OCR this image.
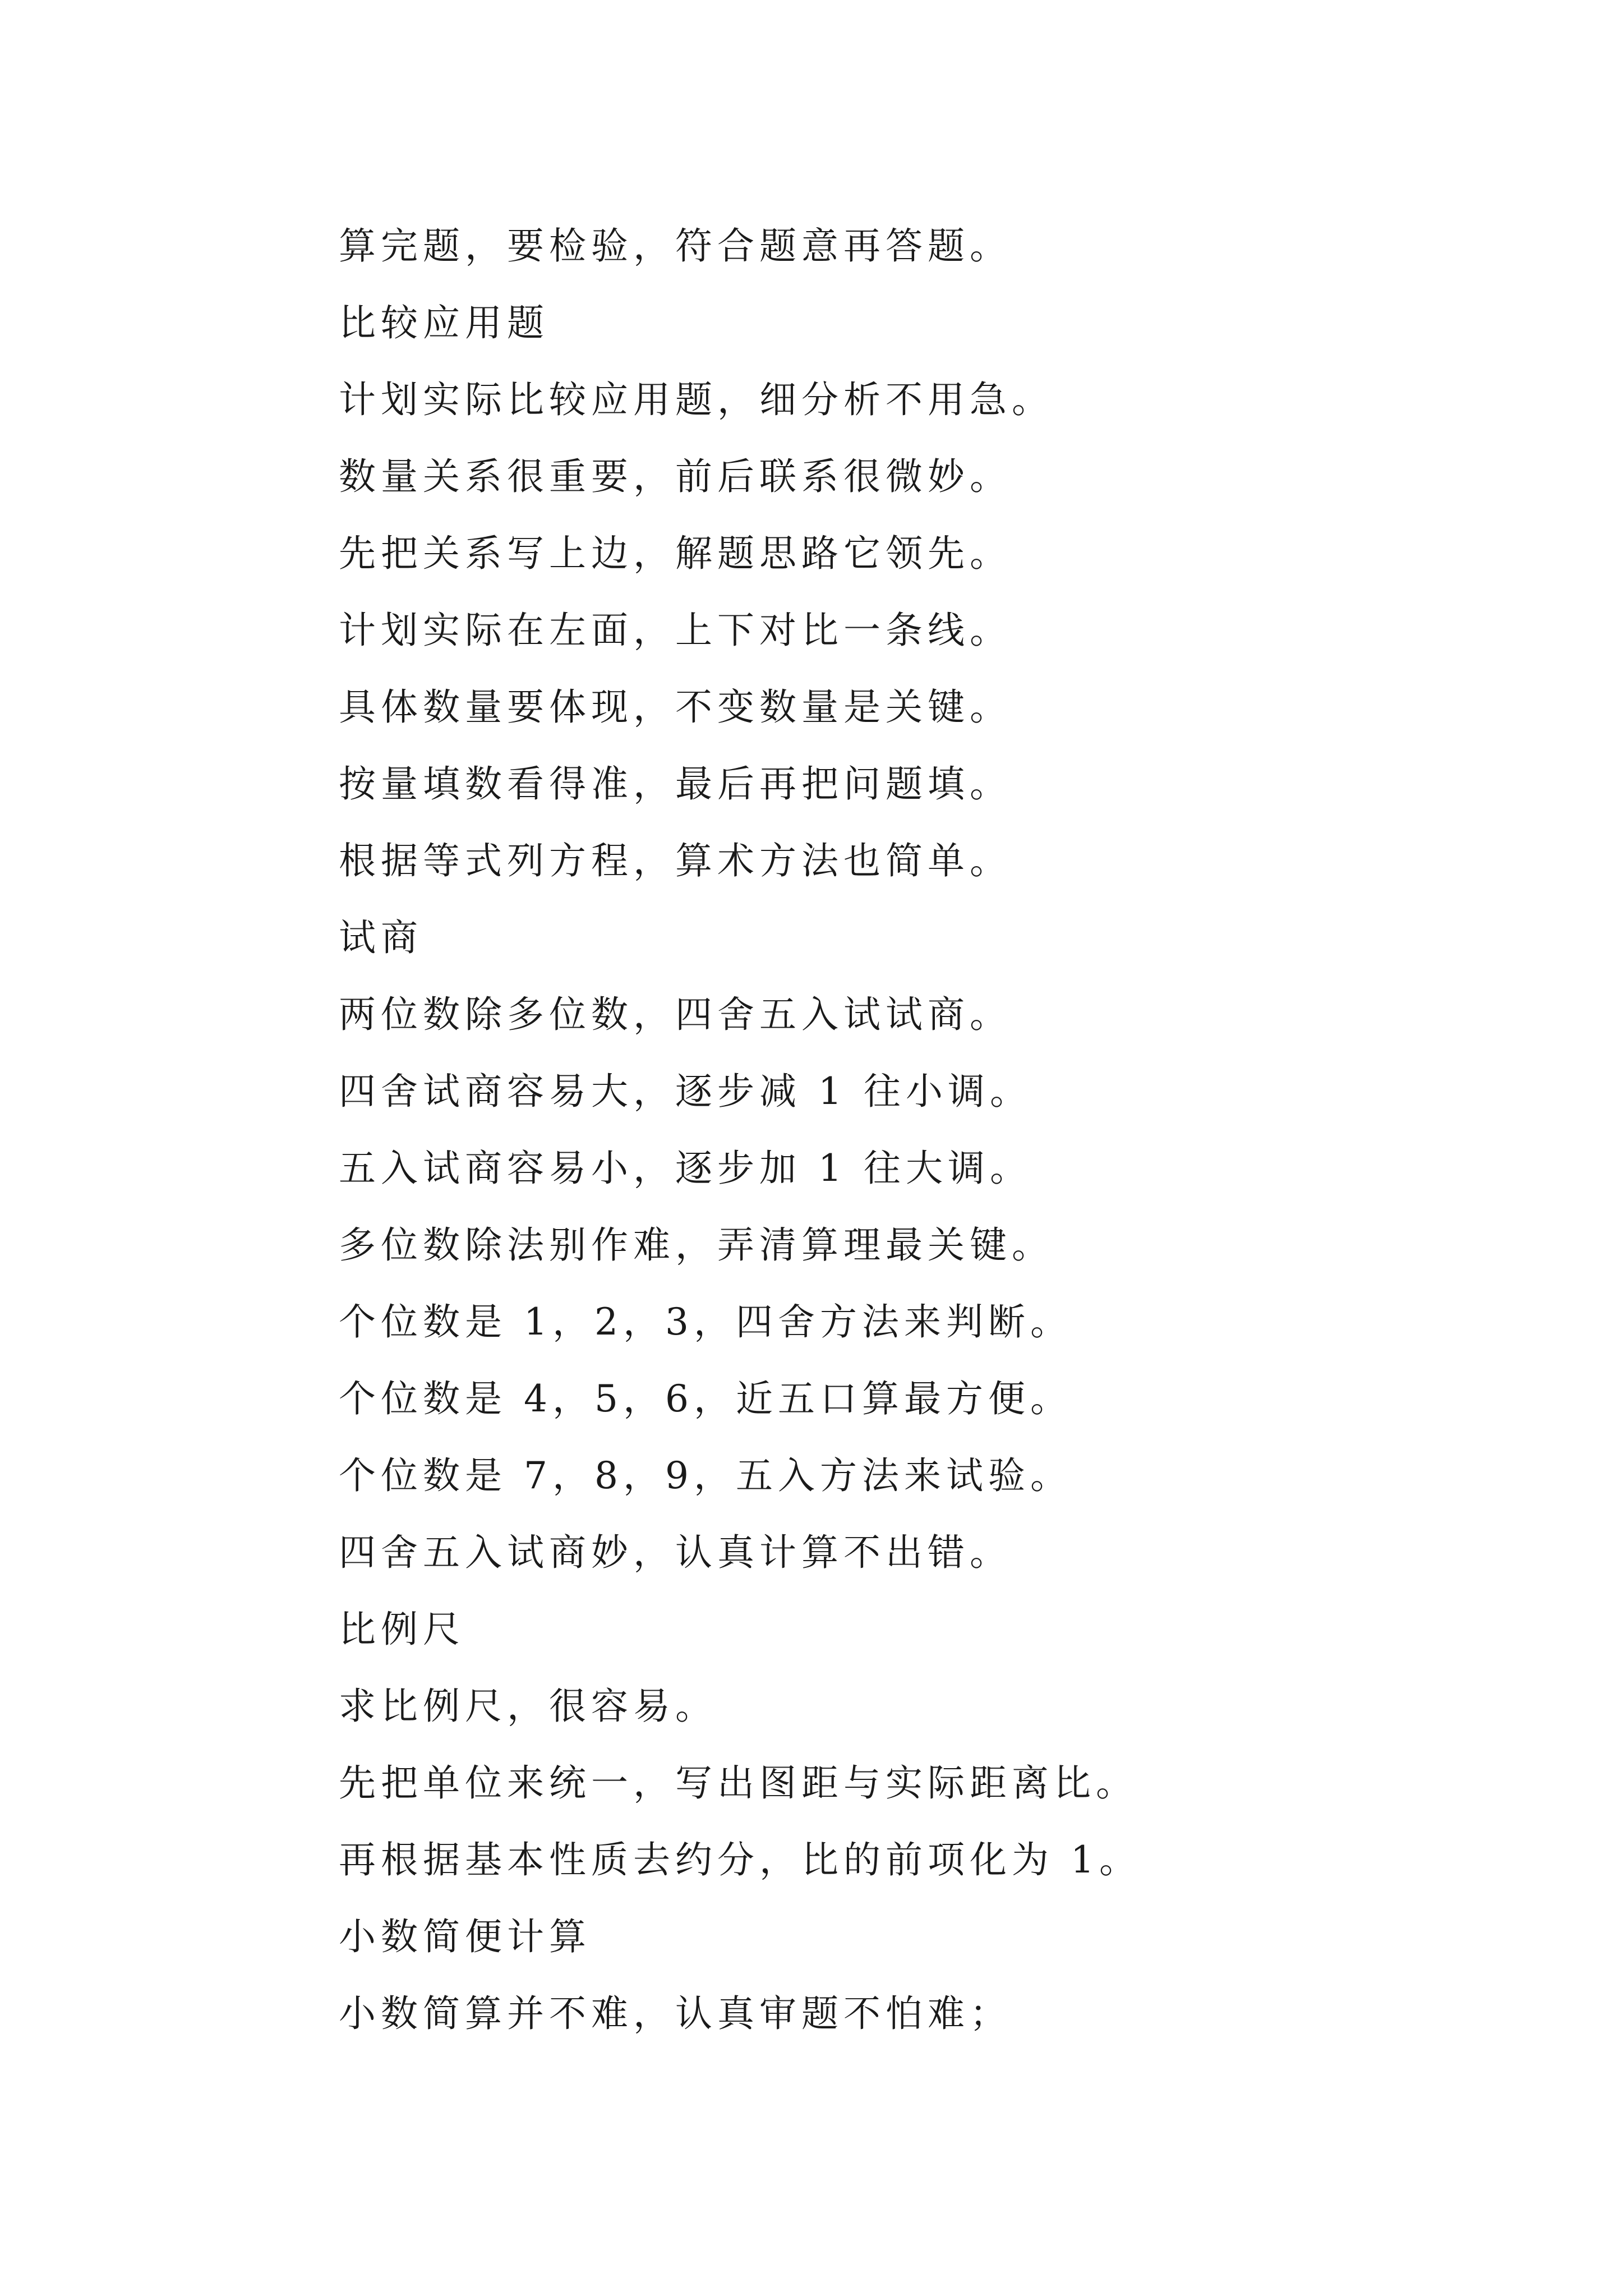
算完题，要检验，符合题意再答题。
比较应用题
计划实际比较应用题，细分析不用急。
数量关系很重要，前后联系很微妙。
先把关系写上边，解题思路它领先。
计划实际在左面，上下对比一条线。
具体数量要体现，不变数量是关键。
按量填数看得准，最后再把问题填。
根据等式列方程，算术方法也简单。
试商
两位数除多位数，四舍五入试试商。
四舍试商容易大，逐步减 1 往小调。
五入试商容易小，逐步加 1 往大调。
多位数除法别作难，弄清算理最关键。
个位数是 1，2，3，四舍方法来判断。
个位数是 4，5，6，近五口算最方便。
个位数是 7，8，9，五入方法来试验。
四舍五入试商妙，认真计算不出错。
比例尺
求比例尺，很容易。
先把单位来统一，写出图距与实际距离比。
再根据基本性质去约分，比的前项化为 1。
小数简便计算
小数简算并不难，认真审题不怕难；
